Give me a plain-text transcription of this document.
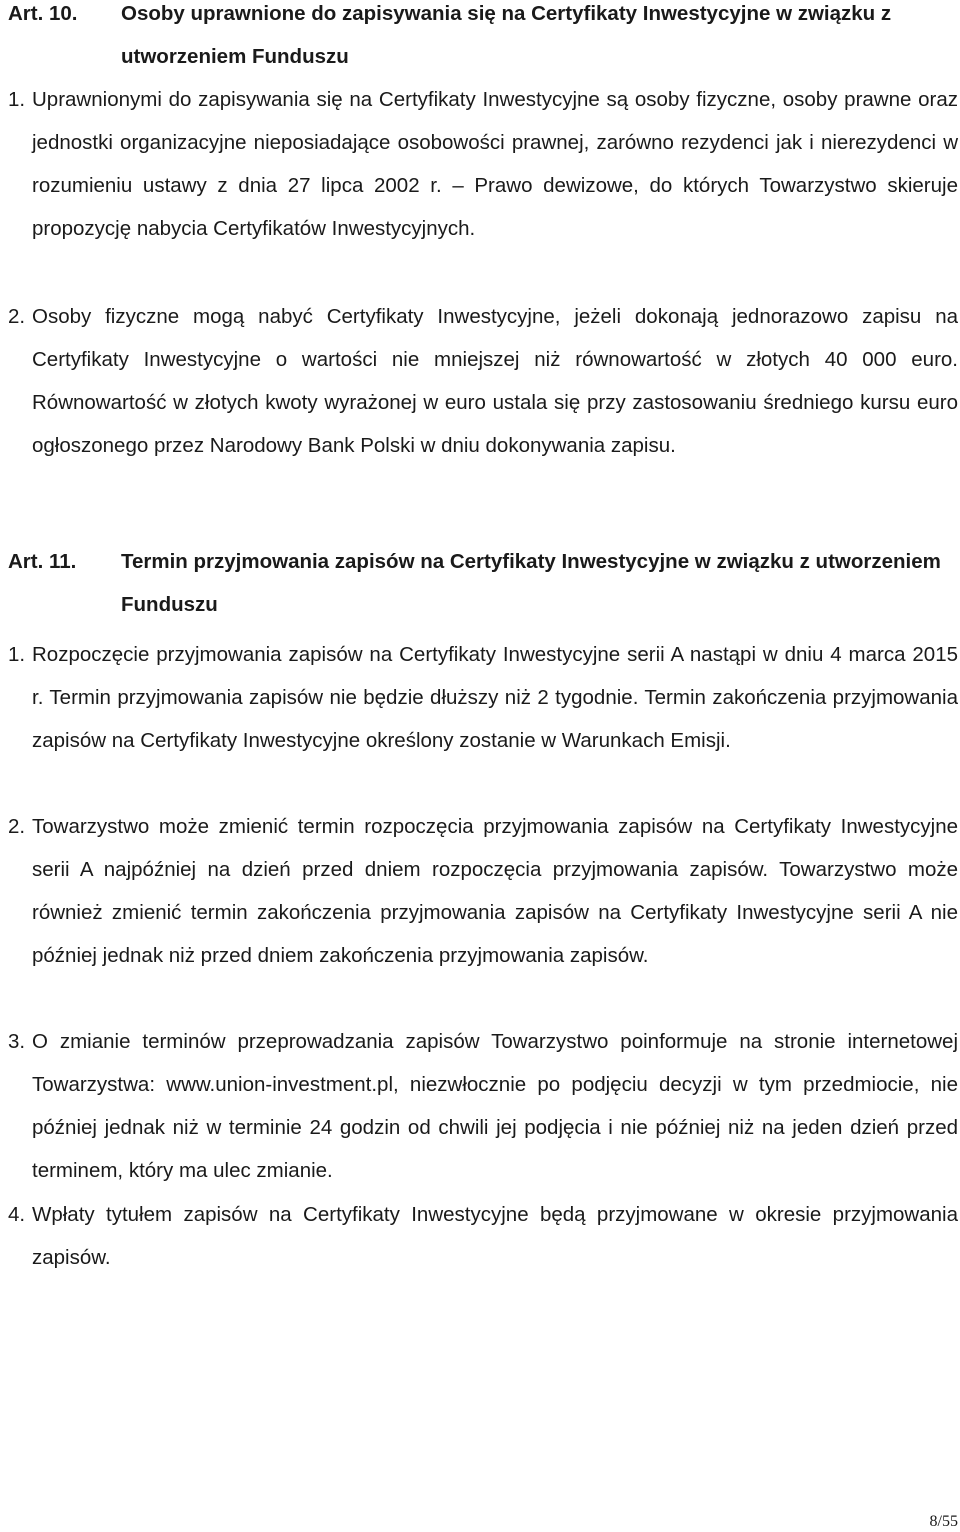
Art. 10. Osoby uprawnione do zapisywania się na Certyfikaty Inwestycyjne w związku z utworzeniem Funduszu
1. Uprawnionymi do zapisywania się na Certyfikaty Inwestycyjne są osoby fizyczne, osoby prawne oraz jednostki organizacyjne nieposiadające osobowości prawnej, zarówno rezydenci jak i nierezydenci w rozumieniu ustawy z dnia 27 lipca 2002 r. – Prawo dewizowe, do których Towarzystwo skieruje propozycję nabycia Certyfikatów Inwestycyjnych.
2. Osoby fizyczne mogą nabyć Certyfikaty Inwestycyjne, jeżeli dokonają jednorazowo zapisu na Certyfikaty Inwestycyjne o wartości nie mniejszej niż równowartość w złotych 40 000 euro. Równowartość w złotych kwoty wyrażonej w euro ustala się przy zastosowaniu średniego kursu euro ogłoszonego przez Narodowy Bank Polski w dniu dokonywania zapisu.
Art. 11. Termin przyjmowania zapisów na Certyfikaty Inwestycyjne w związku z utworzeniem Funduszu
1. Rozpoczęcie przyjmowania zapisów na Certyfikaty Inwestycyjne serii A nastąpi w dniu 4 marca 2015 r. Termin przyjmowania zapisów nie będzie dłuższy niż 2 tygodnie. Termin zakończenia przyjmowania zapisów na Certyfikaty Inwestycyjne określony zostanie w Warunkach Emisji.
2. Towarzystwo może zmienić termin rozpoczęcia przyjmowania zapisów na Certyfikaty Inwestycyjne serii A najpóźniej na dzień przed dniem rozpoczęcia przyjmowania zapisów. Towarzystwo może również zmienić termin zakończenia przyjmowania zapisów na Certyfikaty Inwestycyjne serii A nie później jednak niż przed dniem zakończenia przyjmowania zapisów.
3. O zmianie terminów przeprowadzania zapisów Towarzystwo poinformuje na stronie internetowej Towarzystwa: www.union-investment.pl, niezwłocznie po podjęciu decyzji w tym przedmiocie, nie później jednak niż w terminie 24 godzin od chwili jej podjęcia i nie później niż na jeden dzień przed terminem, który ma ulec zmianie.
4. Wpłaty tytułem zapisów na Certyfikaty Inwestycyjne będą przyjmowane w okresie przyjmowania zapisów.
8/55
